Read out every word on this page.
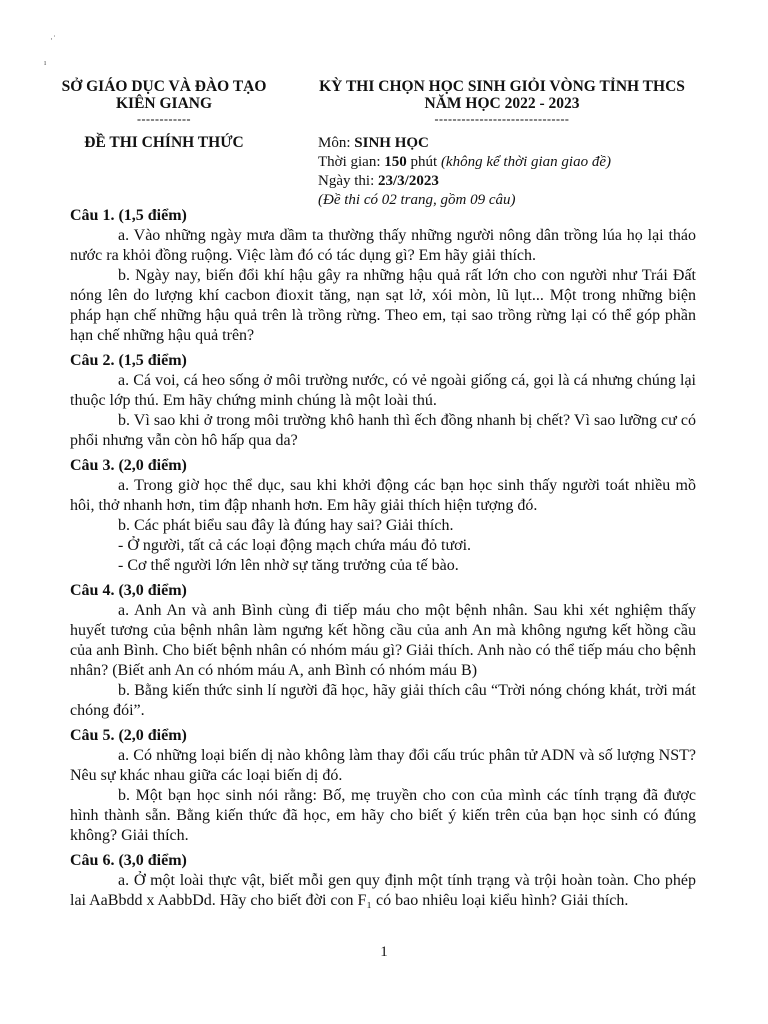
·˙
ı
SỞ GIÁO DỤC VÀ ĐÀO TẠO
KIÊN GIANG
------------
KỲ THI CHỌN HỌC SINH GIỎI VÒNG TỈNH THCS
NĂM HỌC 2022 - 2023
------------------------------
ĐỀ THI CHÍNH THỨC	Môn: SINH HỌC
Thời gian: 150 phút (không kể thời gian giao đề)
Ngày thi: 23/3/2023
(Đề thi có 02 trang, gồm 09 câu)
Câu 1. (1,5 điểm)

a. Vào những ngày mưa dầm ta thường thấy những người nông dân trồng lúa họ lại tháo nước ra khỏi đồng ruộng. Việc làm đó có tác dụng gì? Em hãy giải thích.

b. Ngày nay, biến đổi khí hậu gây ra những hậu quả rất lớn cho con người như Trái Đất nóng lên do lượng khí cacbon đioxit tăng, nạn sạt lở, xói mòn, lũ lụt... Một trong những biện pháp hạn chế những hậu quả trên là trồng rừng. Theo em, tại sao trồng rừng lại có thể góp phần hạn chế những hậu quả trên?

Câu 2. (1,5 điểm)

a. Cá voi, cá heo sống ở môi trường nước, có vẻ ngoài giống cá, gọi là cá nhưng chúng lại thuộc lớp thú. Em hãy chứng minh chúng là một loài thú.

b. Vì sao khi ở trong môi trường khô hanh thì ếch đồng nhanh bị chết? Vì sao lưỡng cư có phổi nhưng vẫn còn hô hấp qua da?

Câu 3. (2,0 điểm)

a. Trong giờ học thể dục, sau khi khởi động các bạn học sinh thấy người toát nhiều mồ hôi, thở nhanh hơn, tim đập nhanh hơn. Em hãy giải thích hiện tượng đó.

b. Các phát biểu sau đây là đúng hay sai? Giải thích.

- Ở người, tất cả các loại động mạch chứa máu đỏ tươi.

- Cơ thể người lớn lên nhờ sự tăng trưởng của tế bào.

Câu 4. (3,0 điểm)

a. Anh An và anh Bình cùng đi tiếp máu cho một bệnh nhân. Sau khi xét nghiệm thấy huyết tương của bệnh nhân làm ngưng kết hồng cầu của anh An mà không ngưng kết hồng cầu của anh Bình. Cho biết bệnh nhân có nhóm máu gì? Giải thích. Anh nào có thể tiếp máu cho bệnh nhân? (Biết anh An có nhóm máu A, anh Bình có nhóm máu B)

b. Bằng kiến thức sinh lí người đã học, hãy giải thích câu “Trời nóng chóng khát, trời mát chóng đói”.

Câu 5. (2,0 điểm)

a. Có những loại biến dị nào không làm thay đổi cấu trúc phân tử ADN và số lượng NST? Nêu sự khác nhau giữa các loại biến dị đó.

b. Một bạn học sinh nói rằng: Bố, mẹ truyền cho con của mình các tính trạng đã được hình thành sẵn. Bằng kiến thức đã học, em hãy cho biết ý kiến trên của bạn học sinh có đúng không? Giải thích.

Câu 6. (3,0 điểm)

a. Ở một loài thực vật, biết mỗi gen quy định một tính trạng và trội hoàn toàn. Cho phép lai AaBbdd x AabbDd. Hãy cho biết đời con F₁ có bao nhiêu loại kiểu hình? Giải thích.

1
